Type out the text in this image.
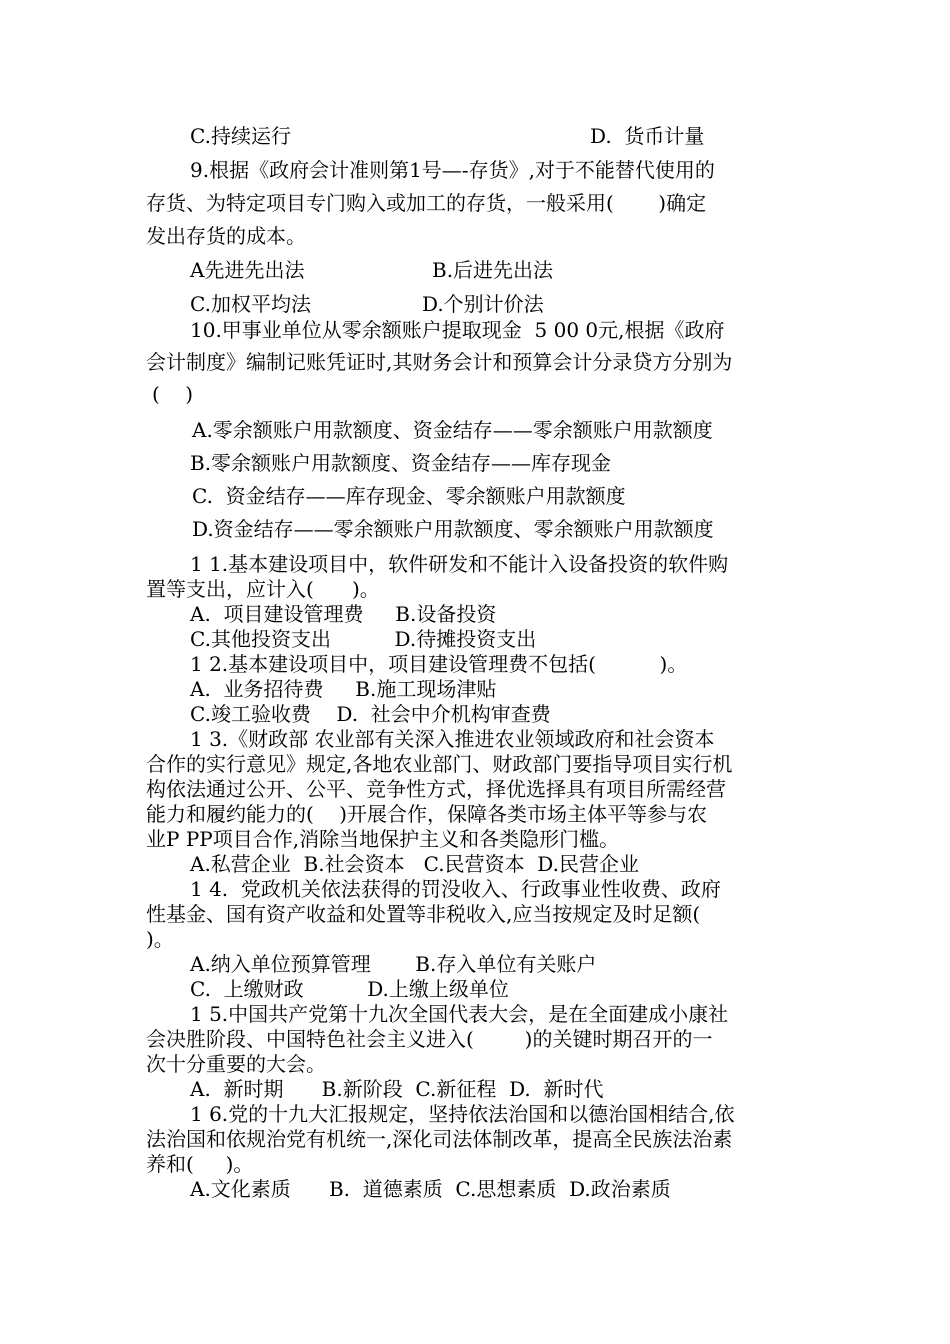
C.持续运行	D.  货币计量
9.根据《政府会计准则第1号—-存货》,对于不能替代使用的
存货、为特定项目专门购入或加工的存货，一般采用(       )确定
发出存货的成本。
A先进先出法	B.后进先出法
C.加权平均法	D.个别计价法
10.甲事业单位从零余额账户提取现金  5 00 0元,根据《政府
会计制度》编制记账凭证时,其财务会计和预算会计分录贷方分别为
(    )
A.零余额账户用款额度、资金结存——零余额账户用款额度
B.零余额账户用款额度、资金结存——库存现金
C.  资金结存——库存现金、零余额账户用款额度
D.资金结存——零余额账户用款额度、零余额账户用款额度
1 1.基本建设项目中，软件研发和不能计入设备投资的软件购
置等支出，应计入(      )。
A.  项目建设管理费     B.设备投资
C.其他投资支出          D.待摊投资支出
1 2.基本建设项目中，项目建设管理费不包括(          )。
A.  业务招待费     B.施工现场津贴
C.竣工验收费    D.  社会中介机构审查费
1 3.《财政部 农业部有关深入推进农业领域政府和社会资本
合作的实行意见》规定,各地农业部门、财政部门要指导项目实行机
构依法通过公开、公平、竞争性方式，择优选择具有项目所需经营
能力和履约能力的(    )开展合作，保障各类市场主体平等参与农
业P PP项目合作,消除当地保护主义和各类隐形门槛。
A.私营企业  B.社会资本   C.民营资本  D.民营企业
1 4.  党政机关依法获得的罚没收入、行政事业性收费、政府
性基金、国有资产收益和处置等非税收入,应当按规定及时足额(
)。
A.纳入单位预算管理       B.存入单位有关账户
C.  上缴财政          D.上缴上级单位
1 5.中国共产党第十九次全国代表大会，是在全面建成小康社
会决胜阶段、中国特色社会主义进入(        )的关键时期召开的一
次十分重要的大会。
A.  新时期      B.新阶段  C.新征程  D.  新时代
1 6.党的十九大汇报规定，坚持依法治国和以德治国相结合,依
法治国和依规治党有机统一,深化司法体制改革，提高全民族法治素
养和(     )。
A.文化素质      B.  道德素质  C.思想素质  D.政治素质
